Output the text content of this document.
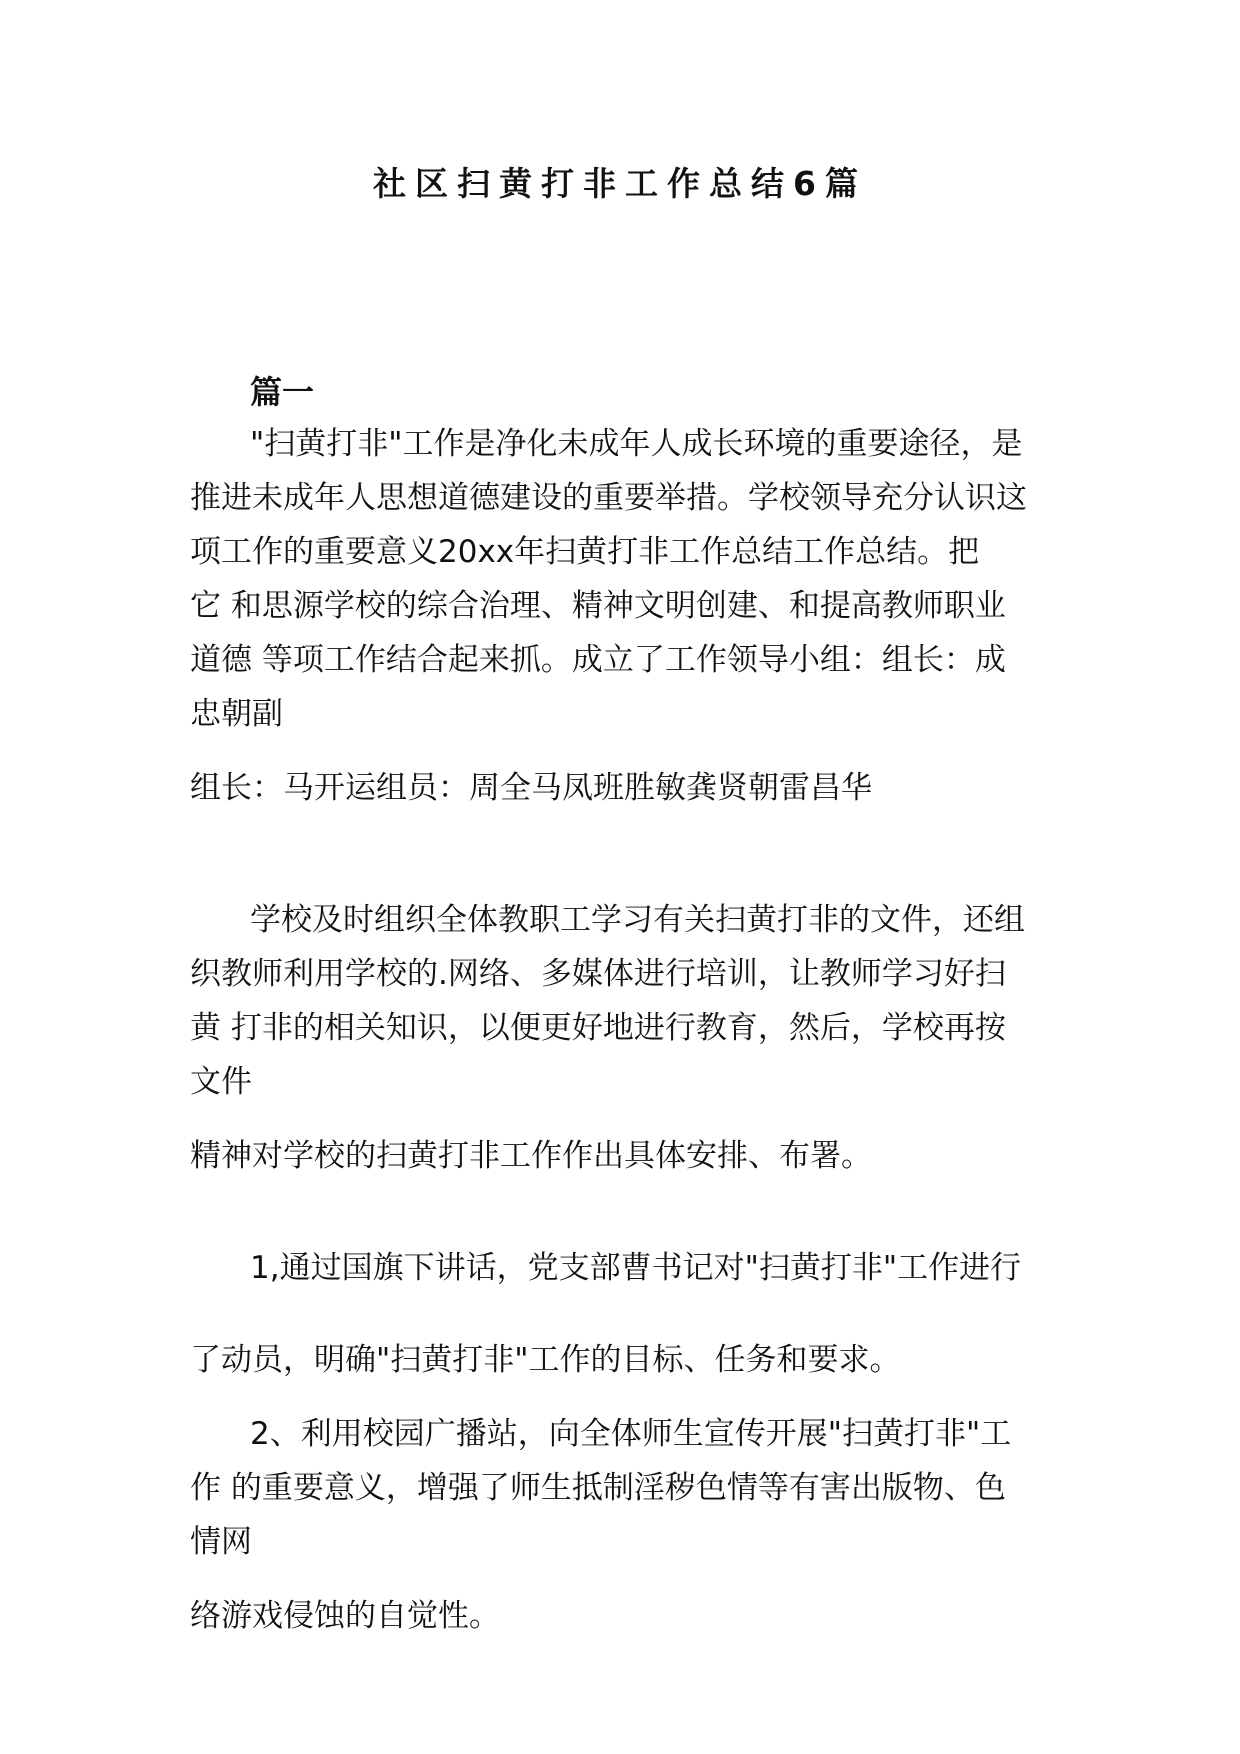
社区扫黄打非工作总结6篇
篇一
"扫黄打非"工作是净化未成年人成长环境的重要途径，是
推进未成年人思想道德建设的重要举措。学校领导充分认识这
项工作的重要意义20xx年扫黄打非工作总结工作总结。把
它 和思源学校的综合治理、精神文明创建、和提高教师职业
道德 等项工作结合起来抓。成立了工作领导小组：组长：成
忠朝副
组长：马开运组员：周全马凤班胜敏龚贤朝雷昌华
学校及时组织全体教职工学习有关扫黄打非的文件，还组
织教师利用学校的.网络、多媒体进行培训，让教师学习好扫
黄 打非的相关知识，以便更好地进行教育，然后，学校再按
文件
精神对学校的扫黄打非工作作出具体安排、布署。
1,通过国旗下讲话，党支部曹书记对"扫黄打非"工作进行
了动员，明确"扫黄打非"工作的目标、任务和要求。
2、利用校园广播站，向全体师生宣传开展"扫黄打非"工
作 的重要意义，增强了师生抵制淫秽色情等有害出版物、色
情网
络游戏侵蚀的自觉性。
